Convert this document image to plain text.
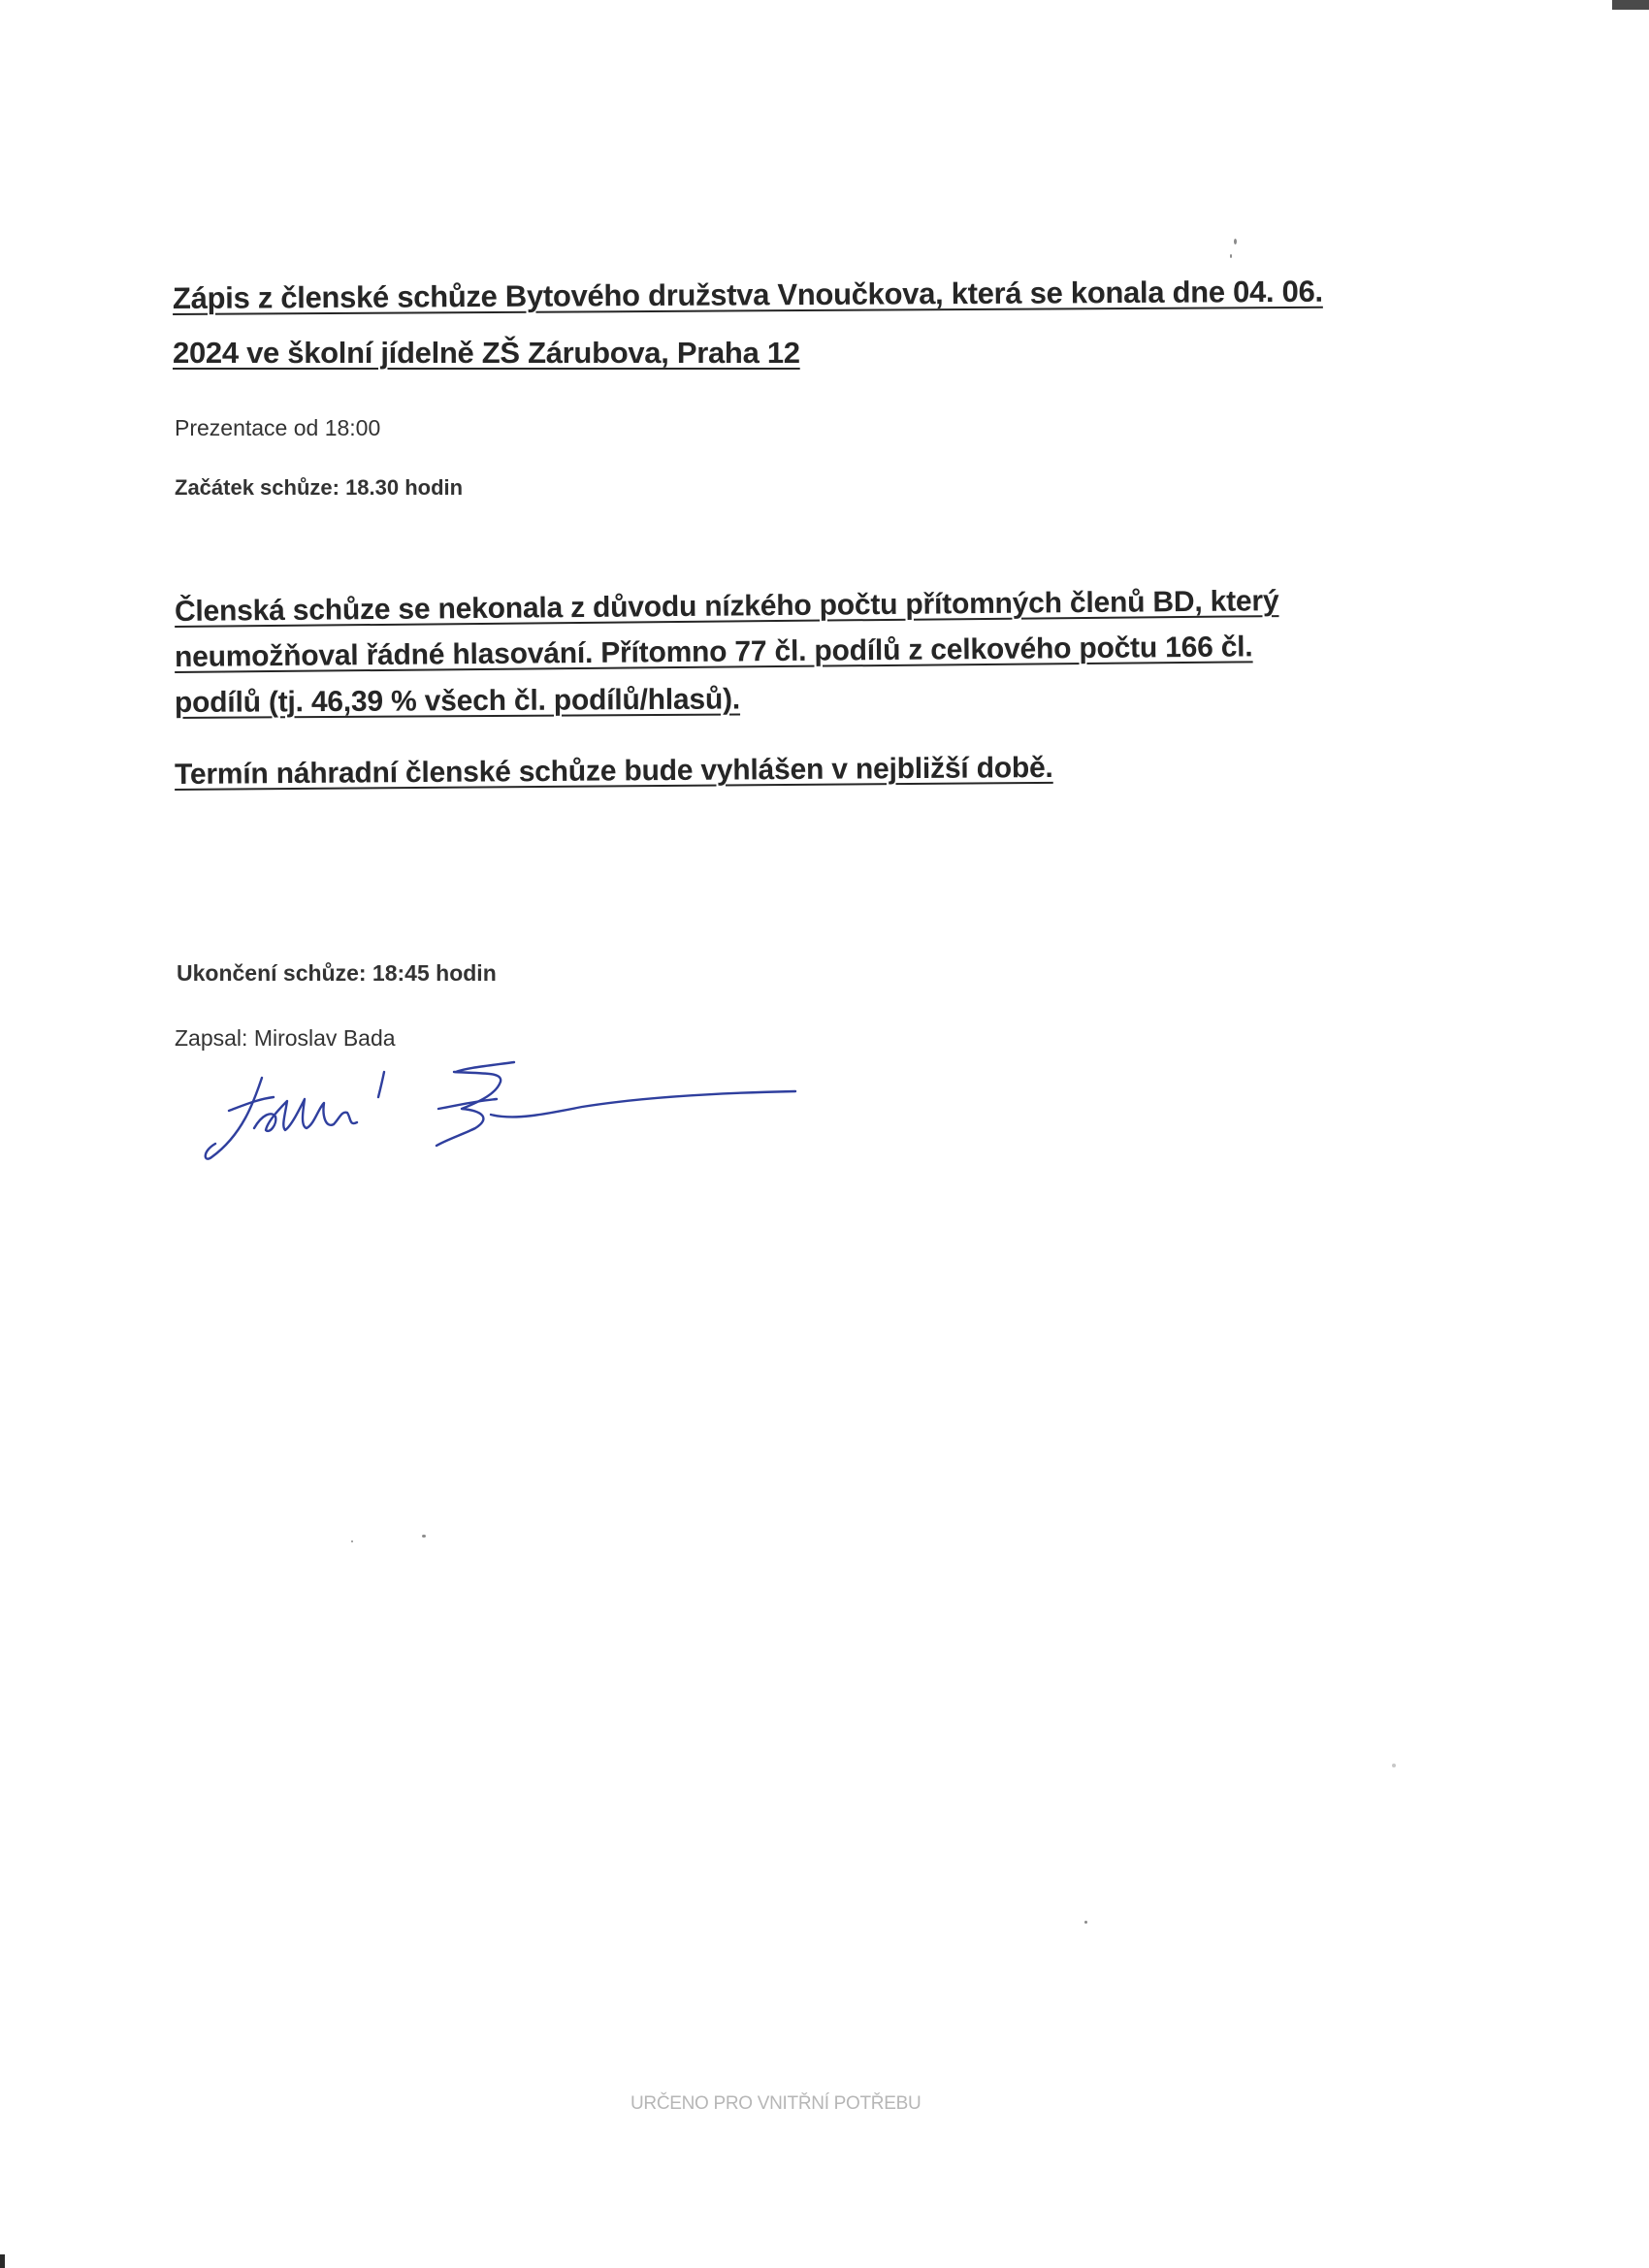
Zápis z členské schůze Bytového družstva Vnoučkova, která se konala dne 04. 06.
2024 ve školní jídelně ZŠ Zárubova, Praha 12
Prezentace od 18:00
Začátek schůze: 18.30 hodin
Členská schůze se nekonala z důvodu nízkého počtu přítomných členů BD, který
neumožňoval řádné hlasování. Přítomno 77 čl. podílů z celkového počtu 166 čl.
podílů (tj. 46,39 % všech čl. podílů/hlasů).
Termín náhradní členské schůze bude vyhlášen v nejbližší době.
Ukončení schůze: 18:45 hodin
Zapsal: Miroslav Bada
URČENO PRO VNITŘNÍ POTŘEBU
